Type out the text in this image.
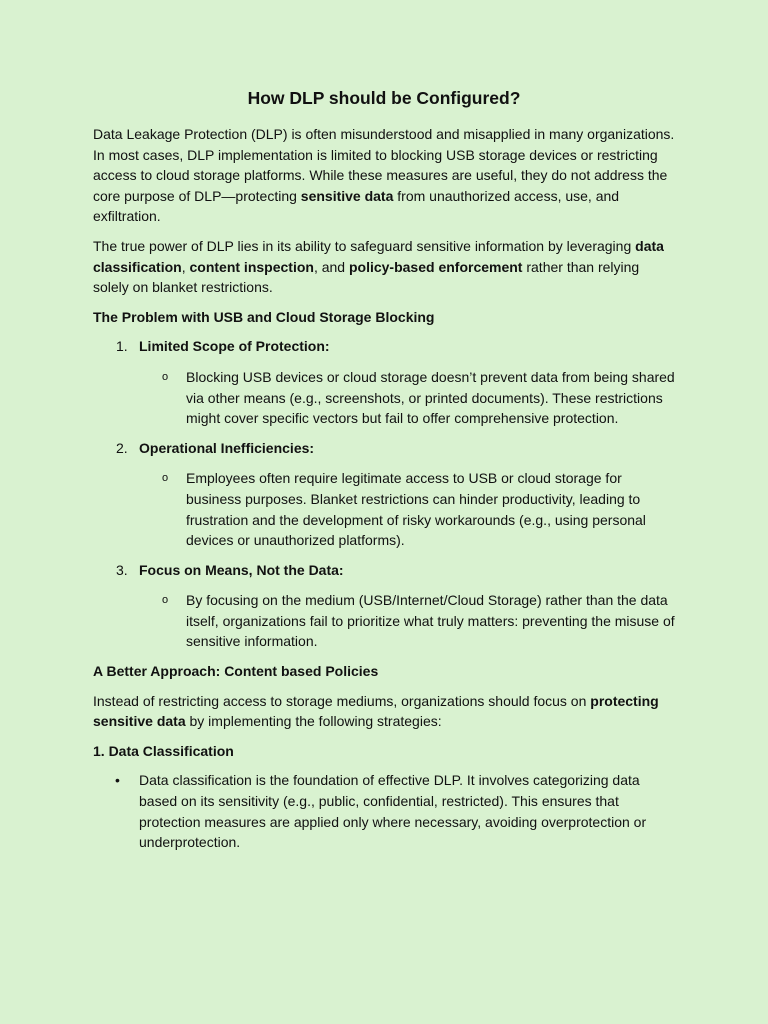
How DLP should be Configured?

Data Leakage Protection (DLP) is often misunderstood and misapplied in many organizations. In most cases, DLP implementation is limited to blocking USB storage devices or restricting access to cloud storage platforms. While these measures are useful, they do not address the core purpose of DLP—protecting sensitive data from unauthorized access, use, and exfiltration.

The true power of DLP lies in its ability to safeguard sensitive information by leveraging data classification, content inspection, and policy-based enforcement rather than relying solely on blanket restrictions.

The Problem with USB and Cloud Storage Blocking
1. Limited Scope of Protection:
o Blocking USB devices or cloud storage doesn’t prevent data from being shared via other means (e.g., screenshots, or printed documents). These restrictions might cover specific vectors but fail to offer comprehensive protection.
2. Operational Inefficiencies:
o Employees often require legitimate access to USB or cloud storage for business purposes. Blanket restrictions can hinder productivity, leading to frustration and the development of risky workarounds (e.g., using personal devices or unauthorized platforms).
3. Focus on Means, Not the Data:
o By focusing on the medium (USB/Internet/Cloud Storage) rather than the data itself, organizations fail to prioritize what truly matters: preventing the misuse of sensitive information.
A Better Approach: Content based Policies

Instead of restricting access to storage mediums, organizations should focus on protecting sensitive data by implementing the following strategies:

1. Data Classification
• Data classification is the foundation of effective DLP. It involves categorizing data based on its sensitivity (e.g., public, confidential, restricted). This ensures that protection measures are applied only where necessary, avoiding overprotection or underprotection.
